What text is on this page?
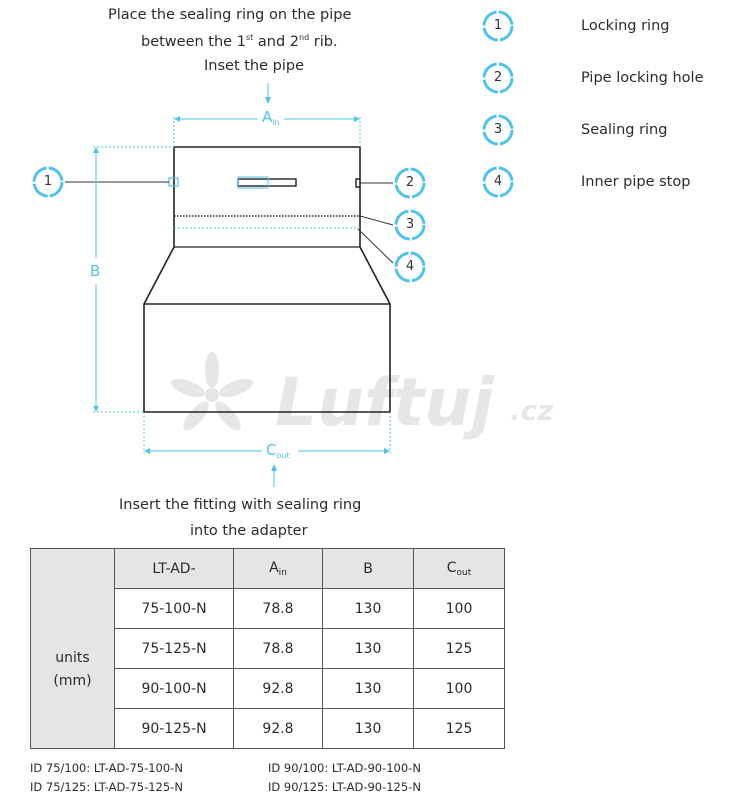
Place the sealing ring on the pipe
between the 1st and 2nd rib.
Inset the pipe
1	Locking ring
2	Pipe locking hole
3	Sealing ring
4	Inner pipe stop
Luftuj .cz
$A_{in}$
B
$C_{out}$
1	2
3
4
Insert the fitting with sealing ring
into the adapter
units
(mm)	LT-AD-	$A_{in}$	B	$C_{out}$
	75-100-N	78.8	130	100
	75-125-N	78.8	130	125
	90-100-N	92.8	130	100
	90-125-N	92.8	130	125
ID 75/100: LT-AD-75-100-N	ID 90/100: LT-AD-90-100-N
ID 75/125: LT-AD-75-125-N	ID 90/125: LT-AD-90-125-N
